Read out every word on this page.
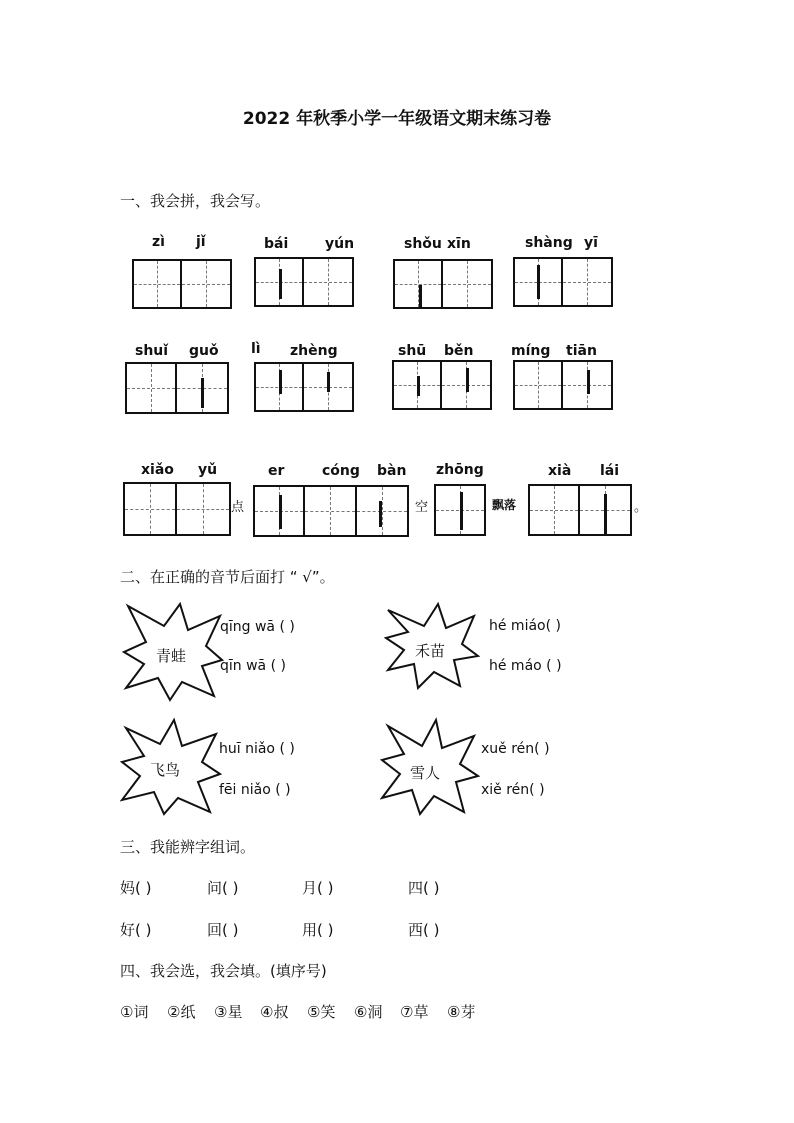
2022 年秋季小学一年级语文期末练习卷
一、我会拼，我会写。
zì jǐ	bái	yún	shǒu xīn	shàng yī
shuǐ guǒ lì zhèng	shū běn	míng tiān
xiǎo yǔ	er	cóng bàn zhōng	xià lái
点	空	飘落	。
二、在正确的音节后面打 “ √”。
青蛙
qīng wā ( )
qīn wā ( )
禾苗
hé miáo( )
hé máo ( )
飞鸟
huī niǎo ( )
fēi niǎo ( )
雪人
xuě rén( )
xiě rén( )
三、我能辨字组词。
妈( )	问( )	月( )	四( )
好( )	回( )	用( )	西( )
四、我会选，我会填。(填序号)
①词 ②纸 ③星 ④叔 ⑤笑 ⑥洞 ⑦草 ⑧芽
